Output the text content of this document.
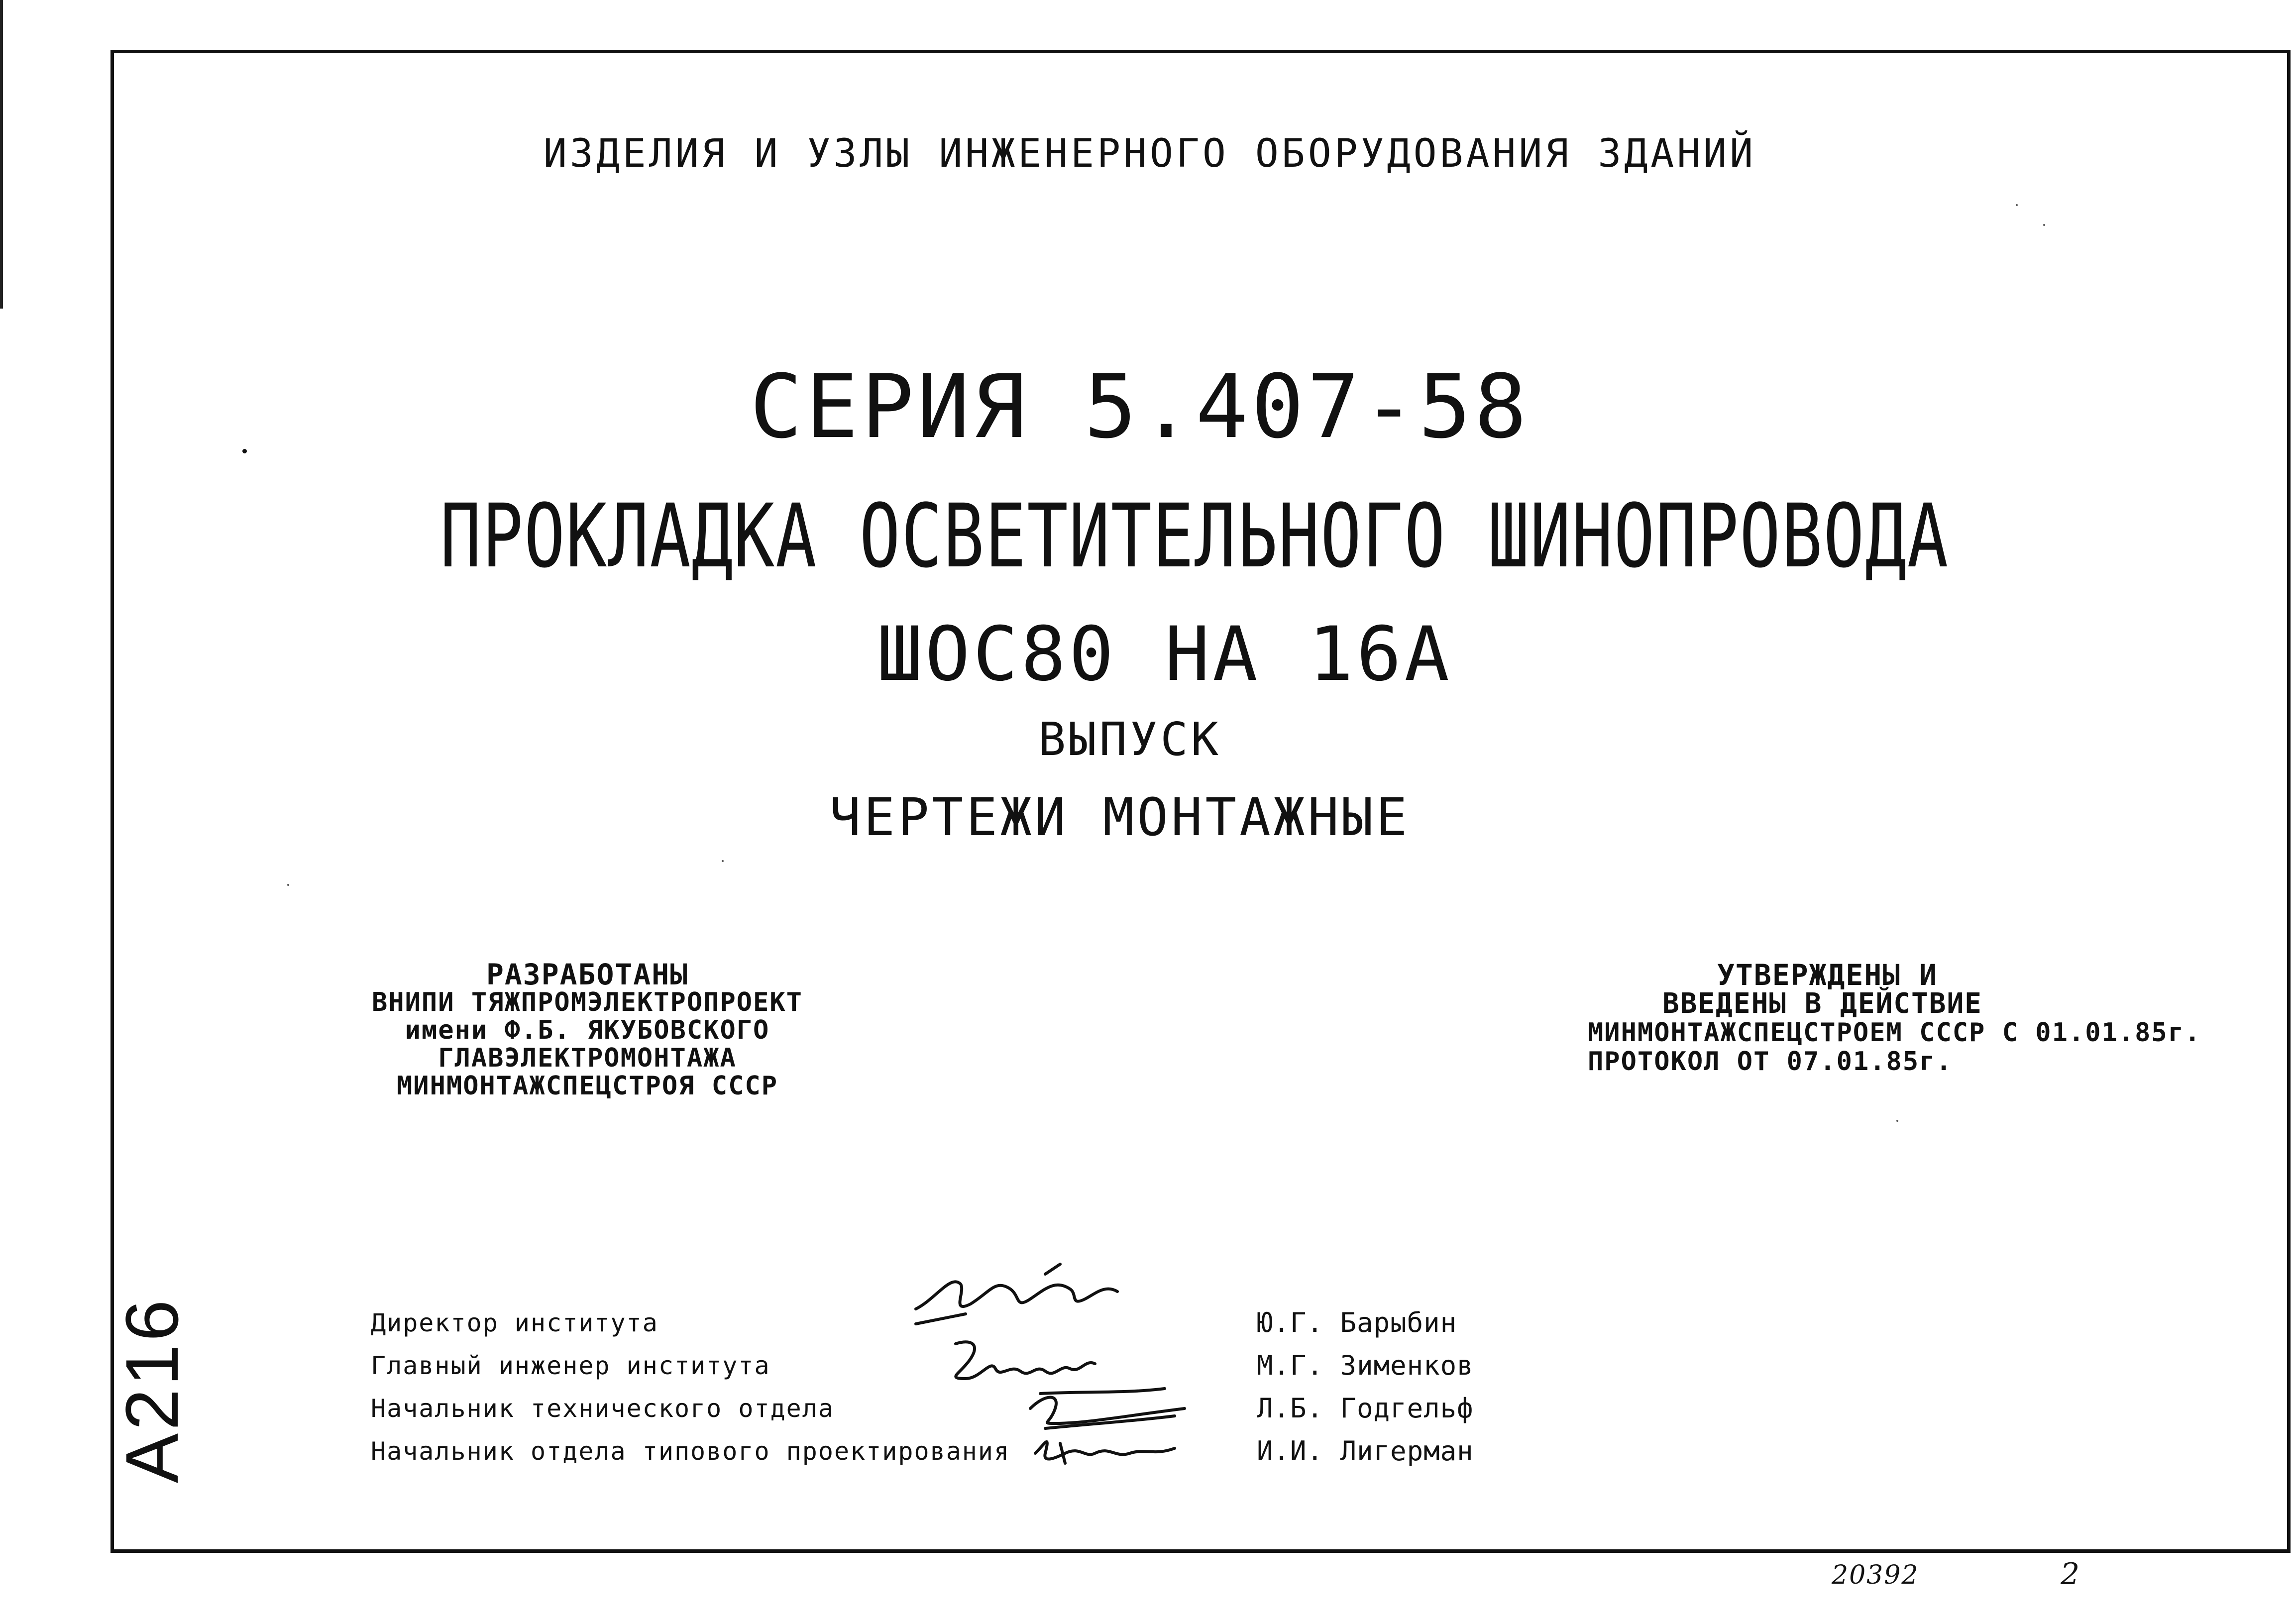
ИЗДЕЛИЯ И УЗЛЫ ИНЖЕНЕРНОГО ОБОРУДОВАНИЯ ЗДАНИЙ
СЕРИЯ 5.407-58
ПРОКЛАДКА ОСВЕТИТЕЛЬНОГО ШИНОПРОВОДА
ШОС80 НА 16А
ВЫПУСК
ЧЕРТЕЖИ МОНТАЖНЫЕ
РАЗРАБОТАНЫ
ВНИПИ ТЯЖПРОМЭЛЕКТРОПРОЕКТ
имени Ф.Б. ЯКУБОВСКОГО
ГЛАВЭЛЕКТРОМОНТАЖА
МИНМОНТАЖСПЕЦСТРОЯ СССР
УТВЕРЖДЕНЫ И
ВВЕДЕНЫ В ДЕЙСТВИЕ
МИНМОНТАЖСПЕЦСТРОЕМ СССР С 01.01.85г.
ПРОТОКОЛ ОТ 07.01.85г.
Директор института
Главный инженер института
Начальник технического отдела
Начальник отдела типового проектирования
Ю.Г. Барыбин
М.Г. Зименков
Л.Б. Годгельф
И.И. Лигерман
А216
20392	2
